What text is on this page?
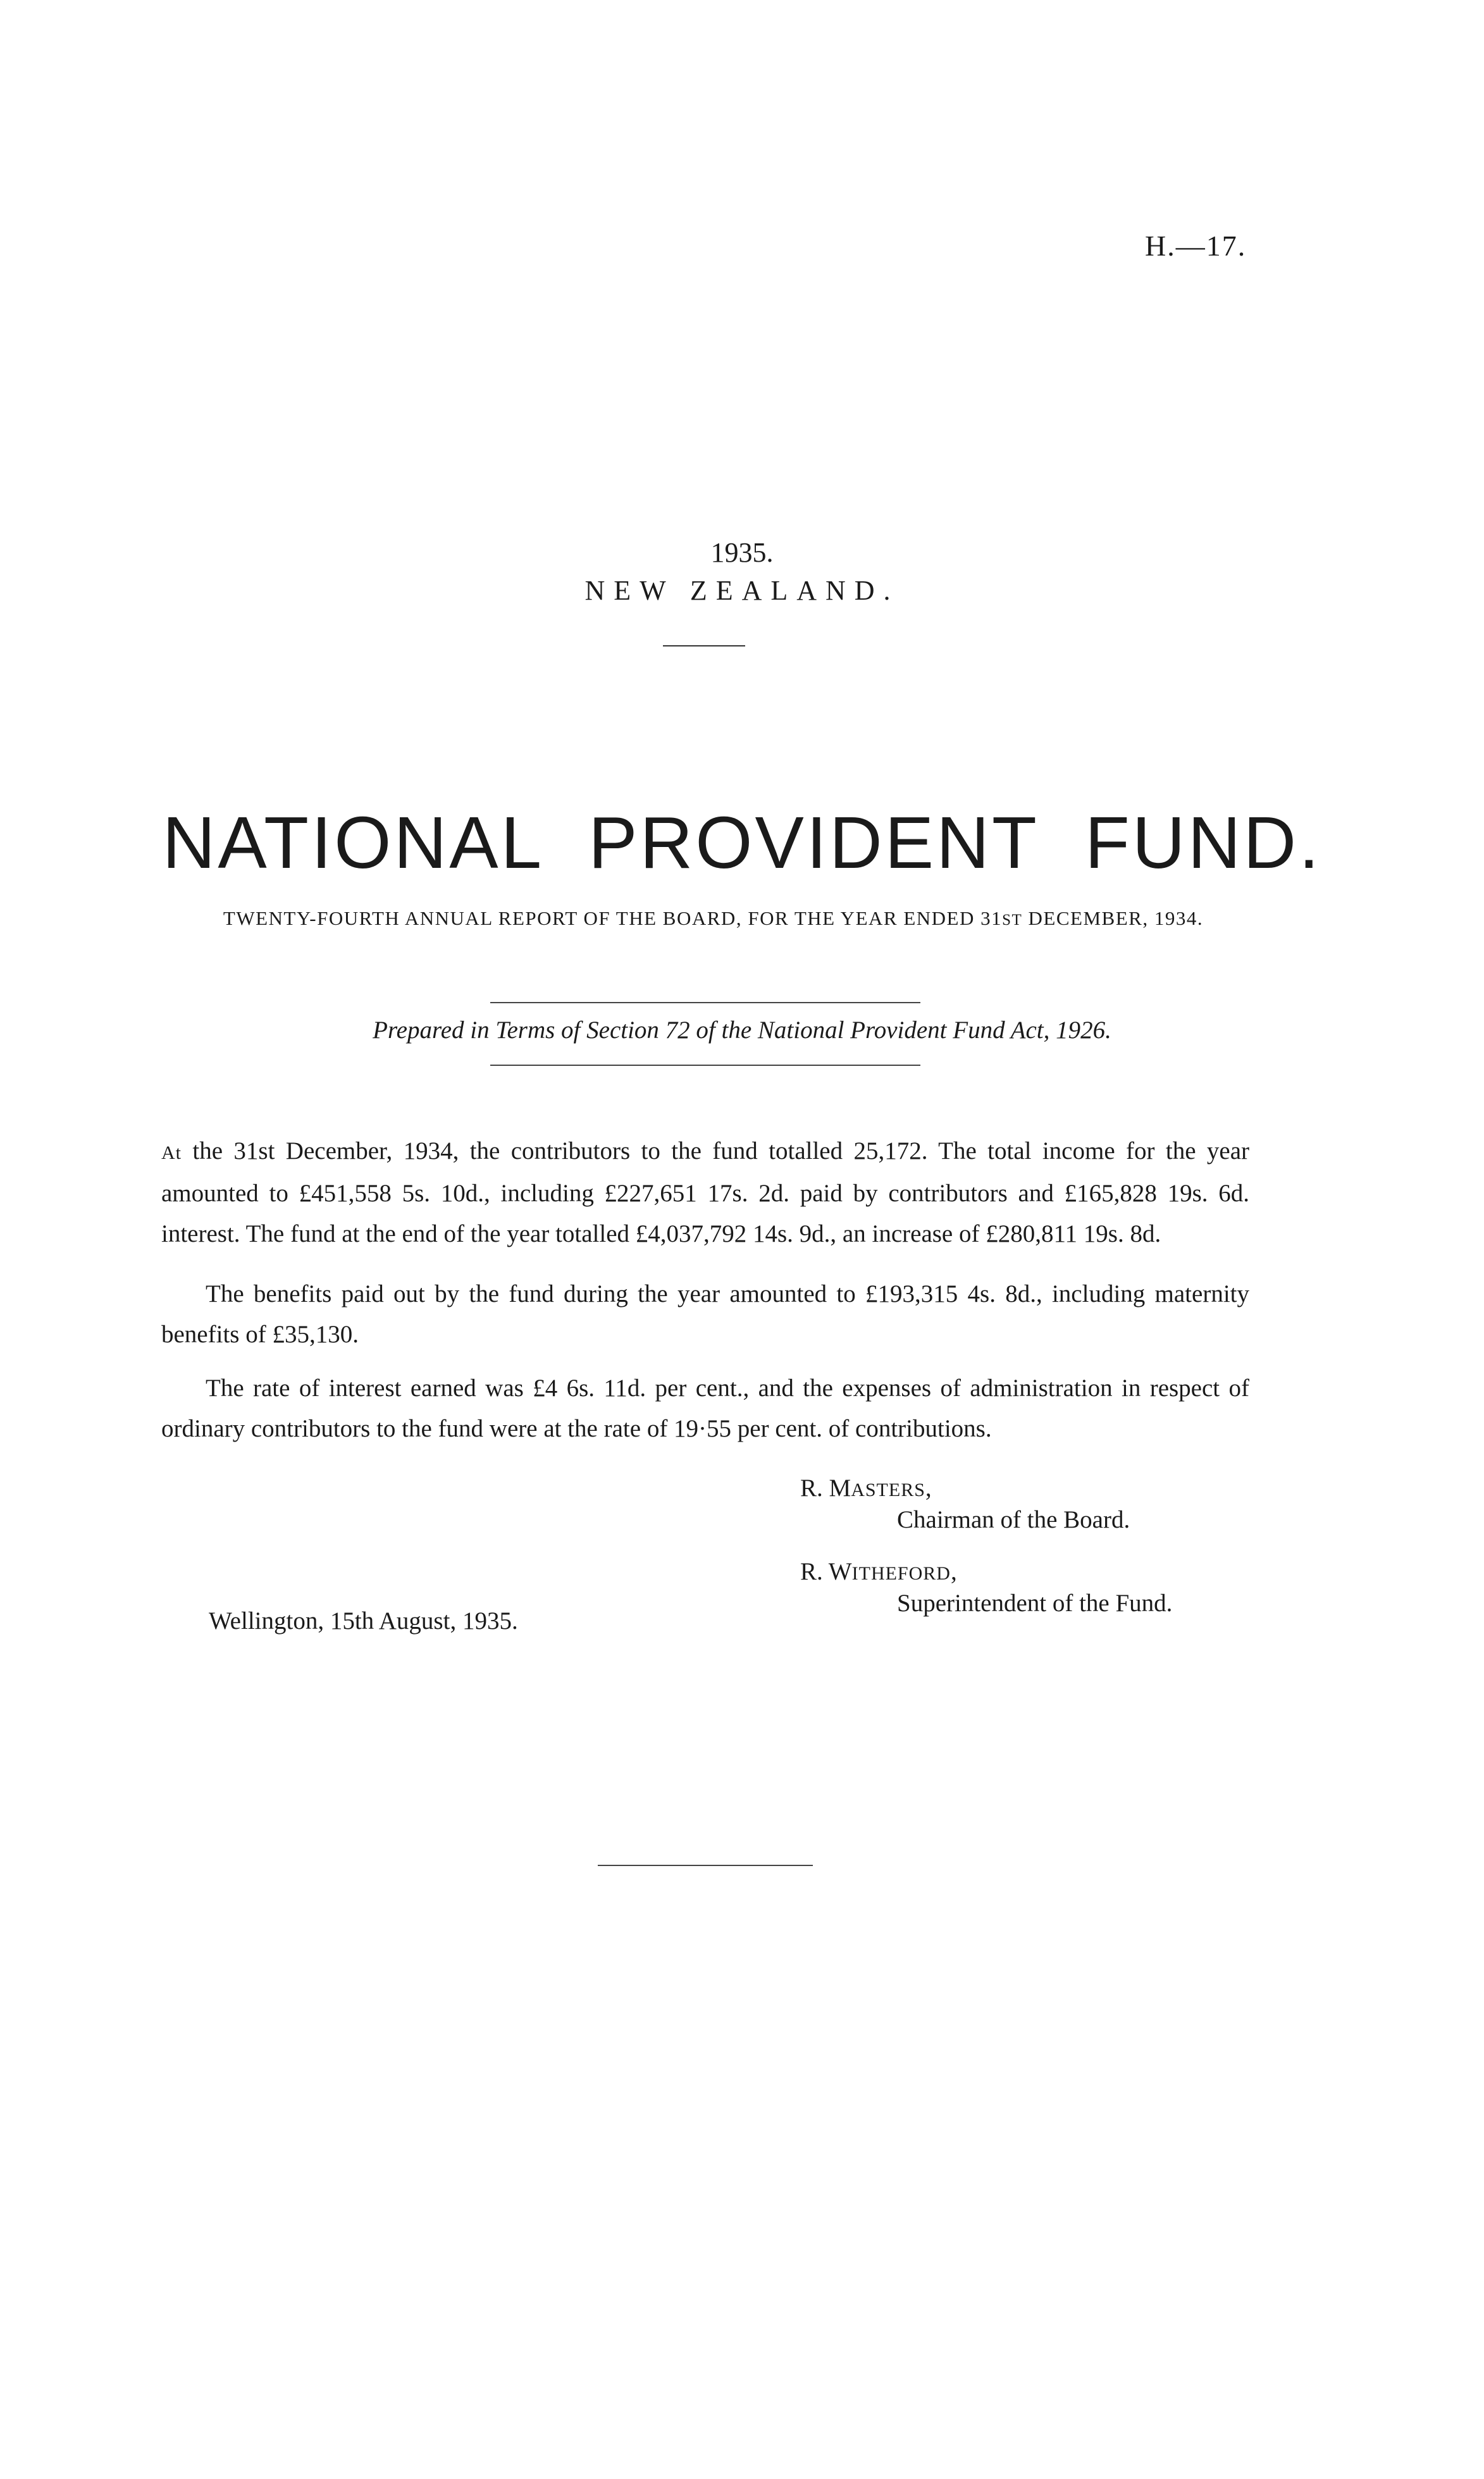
H.—17.
1935.
NEW ZEALAND.
NATIONAL PROVIDENT FUND.
TWENTY-FOURTH ANNUAL REPORT OF THE BOARD, FOR THE YEAR ENDED 31ST DECEMBER, 1934.
Prepared in Terms of Section 72 of the National Provident Fund Act, 1926.

At the 31st December, 1934, the contributors to the fund totalled 25,172. The total income for the year amounted to £451,558 5s. 10d., including £227,651 17s. 2d. paid by contributors and £165,828 19s. 6d. interest. The fund at the end of the year totalled £4,037,792 14s. 9d., an increase of £280,811 19s. 8d.

The benefits paid out by the fund during the year amounted to £193,315 4s. 8d., including maternity benefits of £35,130.

The rate of interest earned was £4 6s. 11d. per cent., and the expenses of administration in respect of ordinary contributors to the fund were at the rate of 19·55 per cent. of contributions.

R. MASTERS,
Chairman of the Board.
R. WITHEFORD,
Superintendent of the Fund.
Wellington, 15th August, 1935.
